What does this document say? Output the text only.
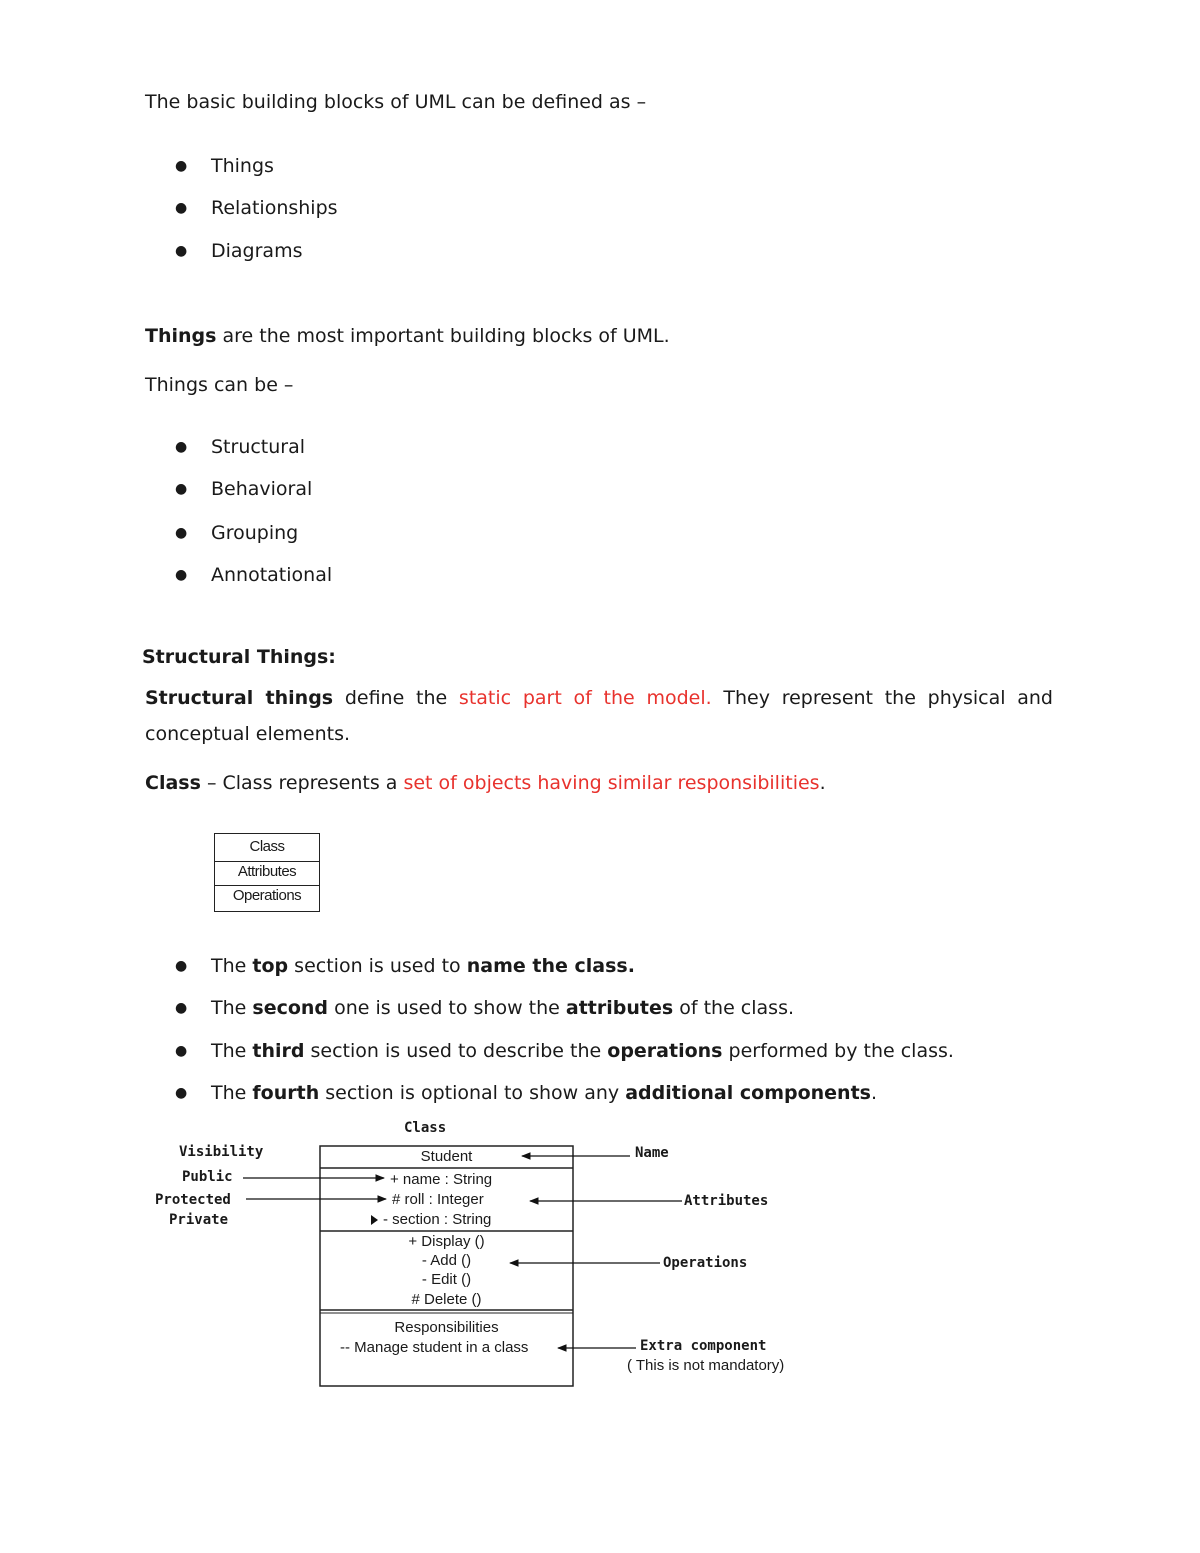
The basic building blocks of UML can be defined as –
● Things
● Relationships
● Diagrams
Things are the most important building blocks of UML.
Things can be –
● Structural
● Behavioral
● Grouping
● Annotational
Structural Things:
Structural things define the static part of the model. They represent the physical and
conceptual elements.
Class – Class represents a set of objects having similar responsibilities.
Class
Attributes
Operations
● The top section is used to name the class.
● The second one is used to show the attributes of the class.
● The third section is used to describe the operations performed by the class.
● The fourth section is optional to show any additional components.
Class
Student
+ name : String
# roll : Integer
- section : String
+ Display ()
- Add ()
- Edit ()
# Delete ()
Responsibilities
-- Manage student in a class
Visibility
Public
Protected
Private
Name
Attributes
Operations
Extra component
( This is not mandatory)
